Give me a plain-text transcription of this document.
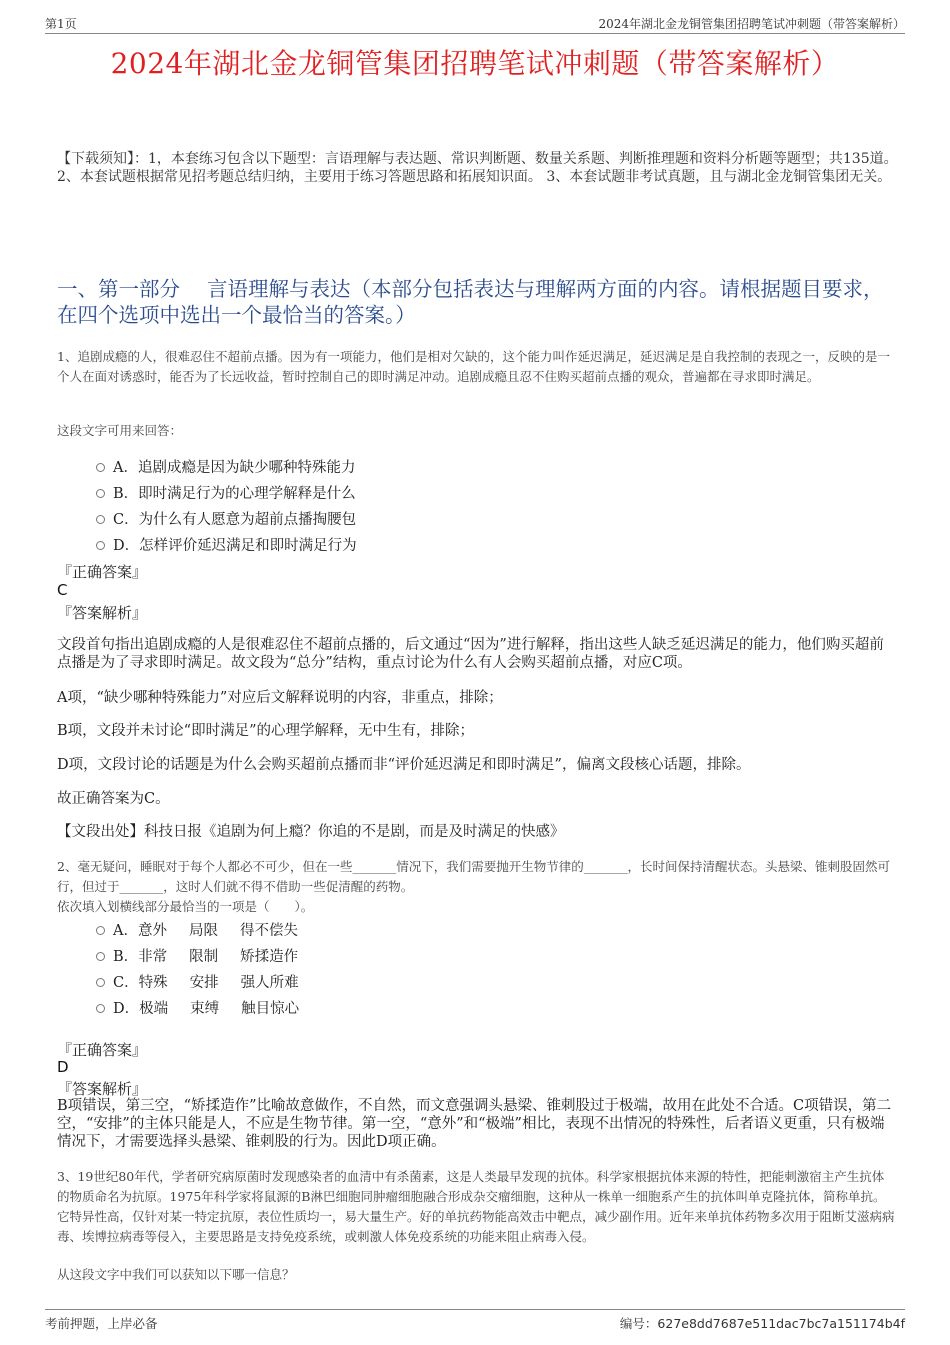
第1页	2024年湖北金龙铜管集团招聘笔试冲刺题（带答案解析）
2024年湖北金龙铜管集团招聘笔试冲刺题（带答案解析）
【下载须知】：1，本套练习包含以下题型：言语理解与表达题、常识判断题、数量关系题、判断推理题和资料分析题等题型；共135道。 2、本套试题根据常见招考题总结归纳，主要用于练习答题思路和拓展知识面。 3、本套试题非考试真题，且与湖北金龙铜管集团无关。
一、第一部分　 言语理解与表达（本部分包括表达与理解两方面的内容。请根据题目要求，在四个选项中选出一个最恰当的答案。）
1、追剧成瘾的人，很难忍住不超前点播。因为有一项能力，他们是相对欠缺的，这个能力叫作延迟满足，延迟满足是自我控制的表现之一，反映的是一个人在面对诱惑时，能否为了长远收益，暂时控制自己的即时满足冲动。追剧成瘾且忍不住购买超前点播的观众，普遍都在寻求即时满足。
这段文字可用来回答：
A．追剧成瘾是因为缺少哪种特殊能力
B．即时满足行为的心理学解释是什么
C．为什么有人愿意为超前点播掏腰包
D．怎样评价延迟满足和即时满足行为
『正确答案』
C
『答案解析』
文段首句指出追剧成瘾的人是很难忍住不超前点播的，后文通过“因为”进行解释，指出这些人缺乏延迟满足的能力，他们购买超前点播是为了寻求即时满足。故文段为“总分”结构，重点讨论为什么有人会购买超前点播，对应C项。
A项，“缺少哪种特殊能力”对应后文解释说明的内容，非重点，排除；
B项，文段并未讨论“即时满足”的心理学解释，无中生有，排除；
D项，文段讨论的话题是为什么会购买超前点播而非“评价延迟满足和即时满足”，偏离文段核心话题，排除。
故正确答案为C。
【文段出处】科技日报《追剧为何上瘾？你追的不是剧，而是及时满足的快感》
2、毫无疑问，睡眠对于每个人都必不可少，但在一些_______情况下，我们需要抛开生物节律的_______，长时间保持清醒状态。头悬梁、锥刺股固然可行，但过于_______，这时人们就不得不借助一些促清醒的药物。
依次填入划横线部分最恰当的一项是（　　）。
A． 意外 局限 得不偿失
B． 非常 限制 矫揉造作
C． 特殊 安排 强人所难
D． 极端 束缚 触目惊心
『正确答案』
D
『答案解析』
B项错误，第三空，“矫揉造作”比喻故意做作，不自然，而文意强调头悬梁、锥刺股过于极端，故用在此处不合适。C项错误，第二空，“安排”的主体只能是人，不应是生物节律。第一空，“意外”和“极端”相比，表现不出情况的特殊性，后者语义更重，只有极端情况下，才需要选择头悬梁、锥刺股的行为。因此D项正确。
3、19世纪80年代，学者研究病原菌时发现感染者的血清中有杀菌素，这是人类最早发现的抗体。科学家根据抗体来源的特性，把能刺激宿主产生抗体的物质命名为抗原。1975年科学家将鼠源的B淋巴细胞同肿瘤细胞融合形成杂交瘤细胞，这种从一株单一细胞系产生的抗体叫单克隆抗体，简称单抗。它特异性高，仅针对某一特定抗原，表位性质均一，易大量生产。好的单抗药物能高效击中靶点，减少副作用。近年来单抗体药物多次用于阻断艾滋病病毒、埃博拉病毒等侵入，主要思路是支持免疫系统，或刺激人体免疫系统的功能来阻止病毒入侵。
从这段文字中我们可以获知以下哪一信息？
考前押题，上岸必备	编号：627e8dd7687e511dac7bc7a151174b4f
